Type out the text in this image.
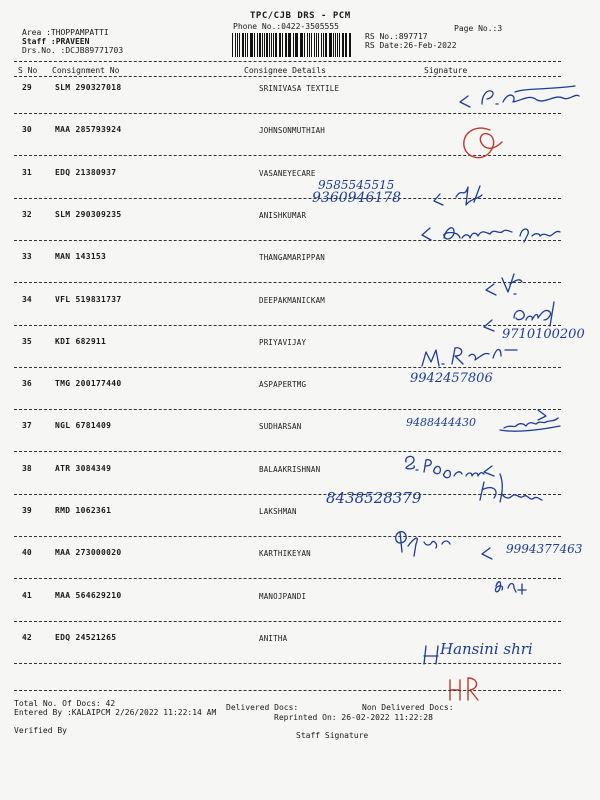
TPC/CJB DRS - PCM
Phone No.:0422-3505555	Page No.:3
Area :THOPPAMPATTI
Staff :PRAVEEN
Drs.No. :DCJB89771703
RS No.:897717
RS Date:26-Feb-2022
S No Consignment No	Consignee Details	Signature
29	SLM 290327018	SRINIVASA TEXTILE
30	MAA 285793924	JOHNSONMUTHIAH
31	EDQ 21380937	VASANEYECARE
32	SLM 290309235	ANISHKUMAR
33	MAN 143153	THANGAMARIPPAN
34	VFL 519831737	DEEPAKMANICKAM
35	KDI 682911	PRIYAVIJAY
36	TMG 200177440	ASPAPERTMG
37	NGL 6781409	SUDHARSAN
38	ATR 3084349	BALAAKRISHNAN
39	RMD 1062361	LAKSHMAN
40	MAA 273000020	KARTHIKEYAN
41	MAA 564629210	MANOJPANDI
42	EDQ 24521265	ANITHA
9585545515
9360946178
9710100200
9942457806
9488444430
8438528379
9994377463
Hansini shri
Total No. Of Docs: 42	Delivered Docs:	Non Delivered Docs:
Entered By :KALAIPCM 2/26/2022 11:22:14 AM
Reprinted On: 26-02-2022 11:22:28
Verified By
Staff Signature
